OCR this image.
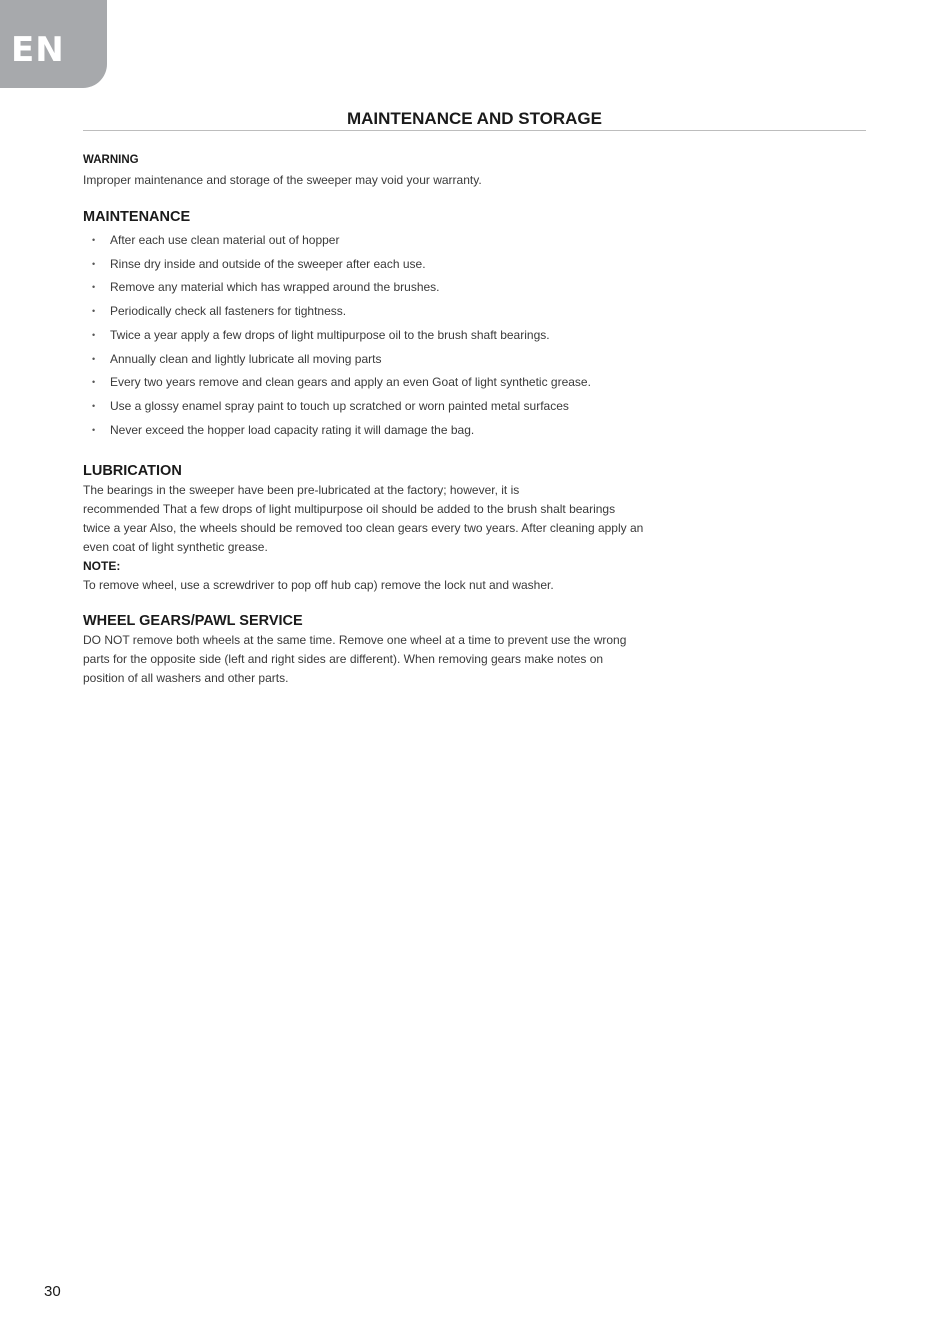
EN
MAINTENANCE AND STORAGE

WARNING

Improper maintenance and storage of the sweeper may void your warranty.

MAINTENANCE
• After each use clean material out of hopper
• Rinse dry inside and outside of the sweeper after each use.
• Remove any material which has wrapped around the brushes.
• Periodically check all fasteners for tightness.
• Twice a year apply a few drops of light multipurpose oil to the brush shaft bearings.
• Annually clean and lightly lubricate all moving parts
• Every two years remove and clean gears and apply an even Goat of light synthetic grease.
• Use a glossy enamel spray paint to touch up scratched or worn painted metal surfaces
• Never exceed the hopper load capacity rating it will damage the bag.
LUBRICATION

The bearings in the sweeper have been pre-lubricated at the factory; however, it is

recommended That a few drops of light multipurpose oil should be added to the brush shalt bearings

twice a year Also, the wheels should be removed too clean gears every two years. After cleaning apply an

even coat of light synthetic grease.

NOTE:

To remove wheel, use a screwdriver to pop off hub cap) remove the lock nut and washer.

WHEEL GEARS/PAWL SERVICE

DO NOT remove both wheels at the same time. Remove one wheel at a time to prevent use the wrong

parts for the opposite side (left and right sides are different). When removing gears make notes on

position of all washers and other parts.

30
